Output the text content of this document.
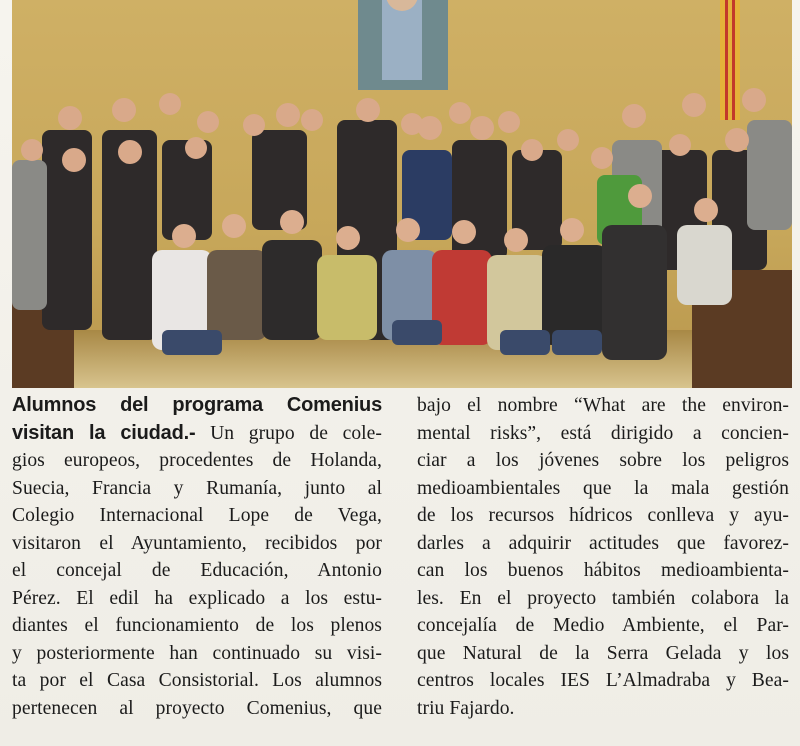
Alumnos del programa Comenius
visitan la ciudad.- Un grupo de cole-
gios europeos, procedentes de Holanda,
Suecia, Francia y Rumanía, junto al
Colegio Internacional Lope de Vega,
visitaron el Ayuntamiento, recibidos por
el concejal de Educación, Antonio
Pérez. El edil ha explicado a los estu-
diantes el funcionamiento de los plenos
y posteriormente han continuado su visi-
ta por el Casa Consistorial. Los alumnos
pertenecen al proyecto Comenius, que
bajo el nombre “What are the environ-
mental risks”, está dirigido a concien-
ciar a los jóvenes sobre los peligros
medioambientales que la mala gestión
de los recursos hídricos conlleva y ayu-
darles a adquirir actitudes que favorez-
can los buenos hábitos medioambienta-
les. En el proyecto también colabora la
concejalía de Medio Ambiente, el Par-
que Natural de la Serra Gelada y los
centros locales IES L’Almadraba y Bea-
triu Fajardo.
